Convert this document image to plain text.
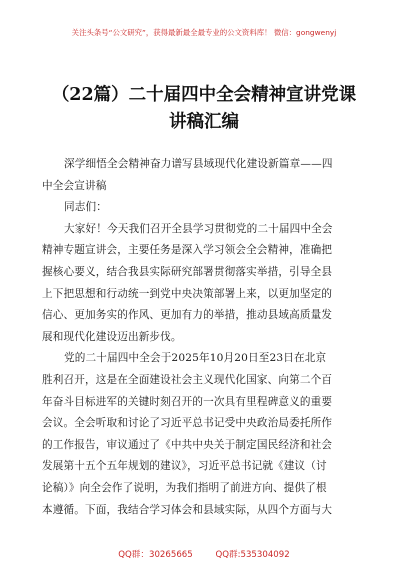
关注头条号“公文研究”，获得最新最全最专业的公文资料库！ 微信：gongwenyj
（22篇）二十届四中全会精神宣讲党课
讲稿汇编
深学细悟全会精神奋力谱写县域现代化建设新篇章——四
中全会宣讲稿
同志们：
大家好！今天我们召开全县学习贯彻党的二十届四中全会
精神专题宣讲会，主要任务是深入学习领会全会精神，准确把
握核心要义，结合我县实际研究部署贯彻落实举措，引导全县
上下把思想和行动统一到党中央决策部署上来，以更加坚定的
信心、更加务实的作风、更加有力的举措，推动县域高质量发
展和现代化建设迈出新步伐。
党的二十届四中全会于2025年10月20日至23日在北京
胜利召开，这是在全面建设社会主义现代化国家、向第二个百
年奋斗目标进军的关键时刻召开的一次具有里程碑意义的重要
会议。全会听取和讨论了习近平总书记受中央政治局委托所作
的工作报告，审议通过了《中共中央关于制定国民经济和社会
发展第十五个五年规划的建议》，习近平总书记就《建议（讨
论稿）》向全会作了说明，为我们指明了前进方向、提供了根
本遵循。下面，我结合学习体会和县域实际，从四个方面与大
QQ群：30265665	QQ群:535304092
